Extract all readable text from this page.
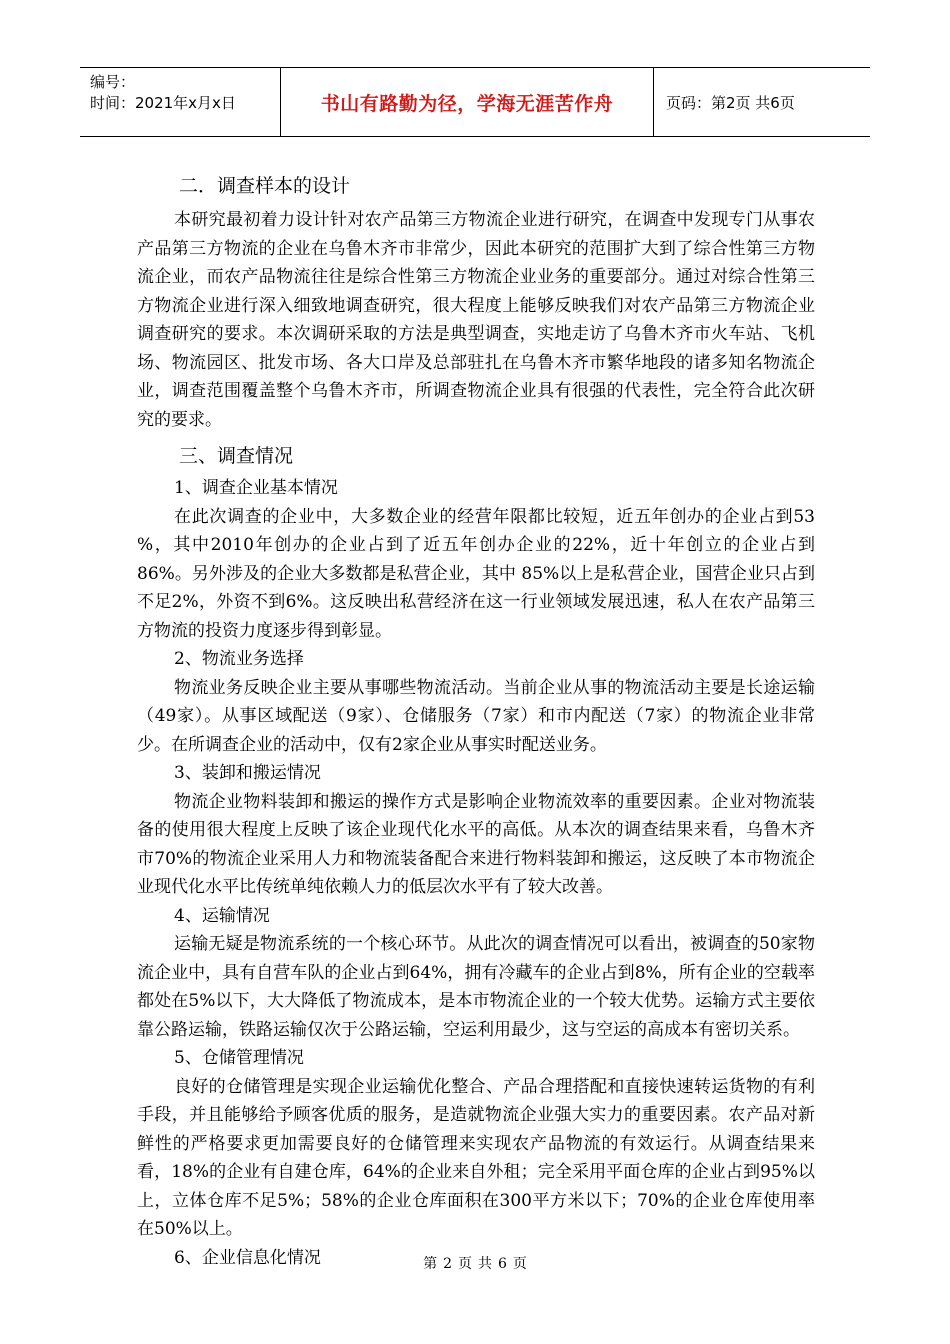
编号：
时间：2021年x月x日	书山有路勤为径，学海无涯苦作舟	页码：第2页 共6页
二．调查样本的设计

本研究最初着力设计针对农产品第三方物流企业进行研究，在调查中发现专门从事农产品第三方物流的企业在乌鲁木齐市非常少，因此本研究的范围扩大到了综合性第三方物流企业，而农产品物流往往是综合性第三方物流企业业务的重要部分。通过对综合性第三方物流企业进行深入细致地调查研究，很大程度上能够反映我们对农产品第三方物流企业调查研究的要求。本次调研采取的方法是典型调查，实地走访了乌鲁木齐市火车站、飞机场、物流园区、批发市场、各大口岸及总部驻扎在乌鲁木齐市繁华地段的诸多知名物流企业，调查范围覆盖整个乌鲁木齐市，所调查物流企业具有很强的代表性，完全符合此次研究的要求。

三、调查情况
1、调查企业基本情况

在此次调查的企业中，大多数企业的经营年限都比较短，近五年创办的企业占到53 %，其中2010年创办的企业占到了近五年创办企业的22%，近十年创立的企业占到86%。另外涉及的企业大多数都是私营企业，其中 85%以上是私营企业，国营企业只占到不足2%，外资不到6%。这反映出私营经济在这一行业领域发展迅速，私人在农产品第三方物流的投资力度逐步得到彰显。

2、物流业务选择

物流业务反映企业主要从事哪些物流活动。当前企业从事的物流活动主要是长途运输（49家）。从事区域配送（9家）、仓储服务（7家）和市内配送（7家）的物流企业非常少。在所调查企业的活动中，仅有2家企业从事实时配送业务。

3、装卸和搬运情况

物流企业物料装卸和搬运的操作方式是影响企业物流效率的重要因素。企业对物流装备的使用很大程度上反映了该企业现代化水平的高低。从本次的调查结果来看，乌鲁木齐市70%的物流企业采用人力和物流装备配合来进行物料装卸和搬运，这反映了本市物流企业现代化水平比传统单纯依赖人力的低层次水平有了较大改善。

4、运输情况

运输无疑是物流系统的一个核心环节。从此次的调查情况可以看出，被调查的50家物流企业中，具有自营车队的企业占到64%，拥有冷藏车的企业占到8%，所有企业的空载率都处在5%以下，大大降低了物流成本，是本市物流企业的一个较大优势。运输方式主要依靠公路运输，铁路运输仅次于公路运输，空运利用最少，这与空运的高成本有密切关系。

5、仓储管理情况

良好的仓储管理是实现企业运输优化整合、产品合理搭配和直接快速转运货物的有利手段，并且能够给予顾客优质的服务，是造就物流企业强大实力的重要因素。农产品对新鲜性的严格要求更加需要良好的仓储管理来实现农产品物流的有效运行。从调查结果来看，18%的企业有自建仓库，64%的企业来自外租；完全采用平面仓库的企业占到95%以上，立体仓库不足5%；58%的企业仓库面积在300平方米以下；70%的企业仓库使用率在50%以上。

6、企业信息化情况	第 2 页 共 6 页
